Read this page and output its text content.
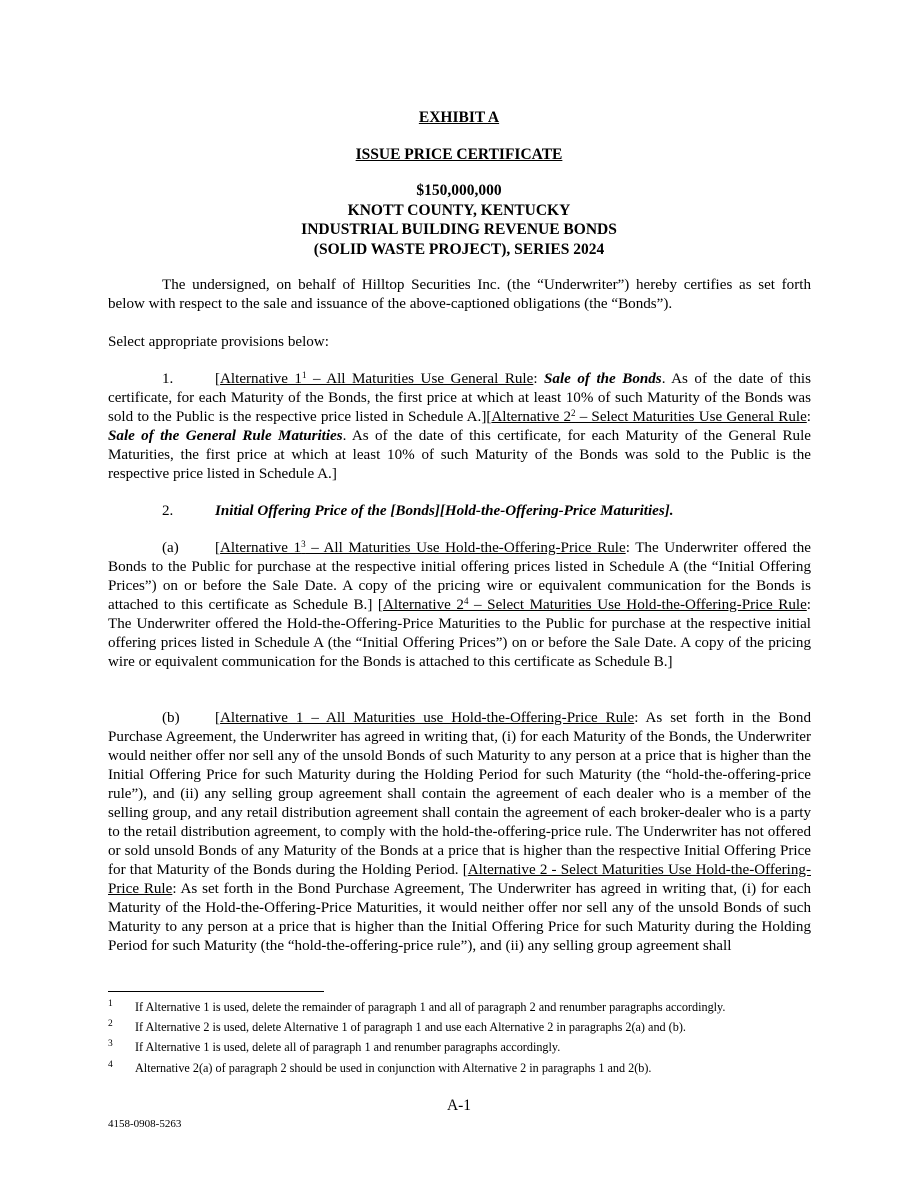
EXHIBIT A
ISSUE PRICE CERTIFICATE
$150,000,000
KNOTT COUNTY, KENTUCKY
INDUSTRIAL BUILDING REVENUE BONDS
(SOLID WASTE PROJECT), SERIES 2024

The undersigned, on behalf of Hilltop Securities Inc. (the “Underwriter”) hereby certifies as set forth below with respect to the sale and issuance of the above-captioned obligations (the “Bonds”).

Select appropriate provisions below:

1.	[Alternative $1^1$ – All Maturities Use General Rule: Sale of the Bonds. As of the date of this certificate, for each Maturity of the Bonds, the first price at which at least 10% of such Maturity of the Bonds was sold to the Public is the respective price listed in Schedule A.][Alternative $2^2$ – Select Maturities Use General Rule: Sale of the General Rule Maturities. As of the date of this certificate, for each Maturity of the General Rule Maturities, the first price at which at least 10% of such Maturity of the Bonds was sold to the Public is the respective price listed in Schedule A.]

2.	Initial Offering Price of the [Bonds][Hold-the-Offering-Price Maturities].

(a) [Alternative $1^3$ – All Maturities Use Hold-the-Offering-Price Rule: The Underwriter offered the Bonds to the Public for purchase at the respective initial offering prices listed in Schedule A (the “Initial Offering Prices”) on or before the Sale Date. A copy of the pricing wire or equivalent communication for the Bonds is attached to this certificate as Schedule B.] [Alternative $2^4$ – Select Maturities Use Hold-the-Offering-Price Rule: The Underwriter offered the Hold-the-Offering-Price Maturities to the Public for purchase at the respective initial offering prices listed in Schedule A (the “Initial Offering Prices”) on or before the Sale Date. A copy of the pricing wire or equivalent communication for the Bonds is attached to this certificate as Schedule B.]

(b) [Alternative 1 – All Maturities use Hold-the-Offering-Price Rule: As set forth in the Bond Purchase Agreement, the Underwriter has agreed in writing that, (i) for each Maturity of the Bonds, the Underwriter would neither offer nor sell any of the unsold Bonds of such Maturity to any person at a price that is higher than the Initial Offering Price for such Maturity during the Holding Period for such Maturity (the “hold-the-offering-price rule”), and (ii) any selling group agreement shall contain the agreement of each dealer who is a member of the selling group, and any retail distribution agreement shall contain the agreement of each broker-dealer who is a party to the retail distribution agreement, to comply with the hold-the-offering-price rule. The Underwriter has not offered or sold unsold Bonds of any Maturity of the Bonds at a price that is higher than the respective Initial Offering Price for that Maturity of the Bonds during the Holding Period. [Alternative 2 - Select Maturities Use Hold-the-Offering-Price Rule: As set forth in the Bond Purchase Agreement, The Underwriter has agreed in writing that, (i) for each Maturity of the Hold-the-Offering-Price Maturities, it would neither offer nor sell any of the unsold Bonds of such Maturity to any person at a price that is higher than the Initial Offering Price for such Maturity during the Holding Period for such Maturity (the “hold-the-offering-price rule”), and (ii) any selling group agreement shall

1 If Alternative 1 is used, delete the remainder of paragraph 1 and all of paragraph 2 and renumber paragraphs accordingly.
2 If Alternative 2 is used, delete Alternative 1 of paragraph 1 and use each Alternative 2 in paragraphs 2(a) and (b).
3 If Alternative 1 is used, delete all of paragraph 1 and renumber paragraphs accordingly.
4 Alternative 2(a) of paragraph 2 should be used in conjunction with Alternative 2 in paragraphs 1 and 2(b).
A-1
4158-0908-5263
